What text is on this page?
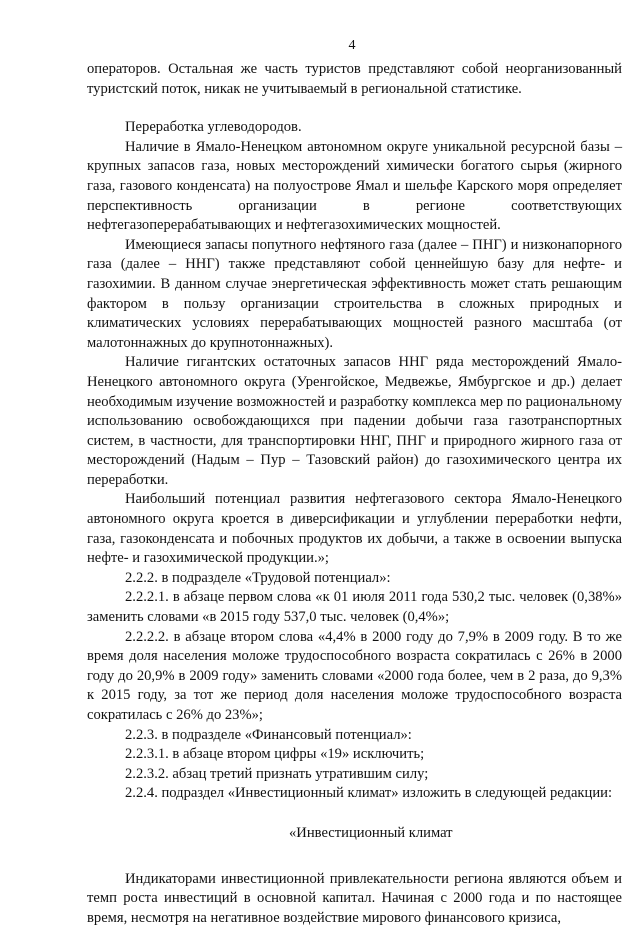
4

операторов. Остальная же часть туристов представляют собой неорганизованный туристский поток, никак не учитываемый в региональной статистике.

Переработка углеводородов.

Наличие в Ямало-Ненецком автономном округе уникальной ресурсной базы – крупных запасов газа, новых месторождений химически богатого сырья (жирного газа, газового конденсата) на полуострове Ямал и шельфе Карского моря определяет перспективность организации в регионе соответствующих нефтегазоперерабатывающих и нефтегазохимических мощностей.

Имеющиеся запасы попутного нефтяного газа (далее – ПНГ) и низконапорного газа (далее – ННГ) также представляют собой ценнейшую базу для нефте- и газохимии. В данном случае энергетическая эффективность может стать решающим фактором в пользу организации строительства в сложных природных и климатических условиях перерабатывающих мощностей разного масштаба (от малотоннажных до крупнотоннажных).

Наличие гигантских остаточных запасов ННГ ряда месторождений Ямало-Ненецкого автономного округа (Уренгойское, Медвежье, Ямбургское и др.) делает необходимым изучение возможностей и разработку комплекса мер по рациональному использованию освобождающихся при падении добычи газа газотранспортных систем, в частности, для транспортировки ННГ, ПНГ и природного жирного газа от месторождений (Надым – Пур – Тазовский район) до газохимического центра их переработки.

Наибольший потенциал развития нефтегазового сектора Ямало-Ненецкого автономного округа кроется в диверсификации и углублении переработки нефти, газа, газоконденсата и побочных продуктов их добычи, а также в освоении выпуска нефте- и газохимической продукции.»;

2.2.2. в подразделе «Трудовой потенциал»:

2.2.2.1. в абзаце первом слова «к 01 июля 2011 года 530,2 тыс. человек (0,38%» заменить словами «в 2015 году 537,0 тыс. человек (0,4%»;

2.2.2.2. в абзаце втором слова «4,4% в 2000 году до 7,9% в 2009 году. В то же время доля населения моложе трудоспособного возраста сократилась с 26% в 2000 году до 20,9% в 2009 году» заменить словами «2000 года более, чем в 2 раза, до 9,3% к 2015 году, за тот же период доля населения моложе трудоспособного возраста сократилась с 26% до 23%»;

2.2.3. в подразделе «Финансовый потенциал»:

2.2.3.1. в абзаце втором цифры «19» исключить;

2.2.3.2. абзац третий признать утратившим силу;

2.2.4. подраздел «Инвестиционный климат» изложить в следующей редакции:

«Инвестиционный климат

Индикаторами инвестиционной привлекательности региона являются объем и темп роста инвестиций в основной капитал. Начиная с 2000 года и по настоящее время, несмотря на негативное воздействие мирового финансового кризиса,
